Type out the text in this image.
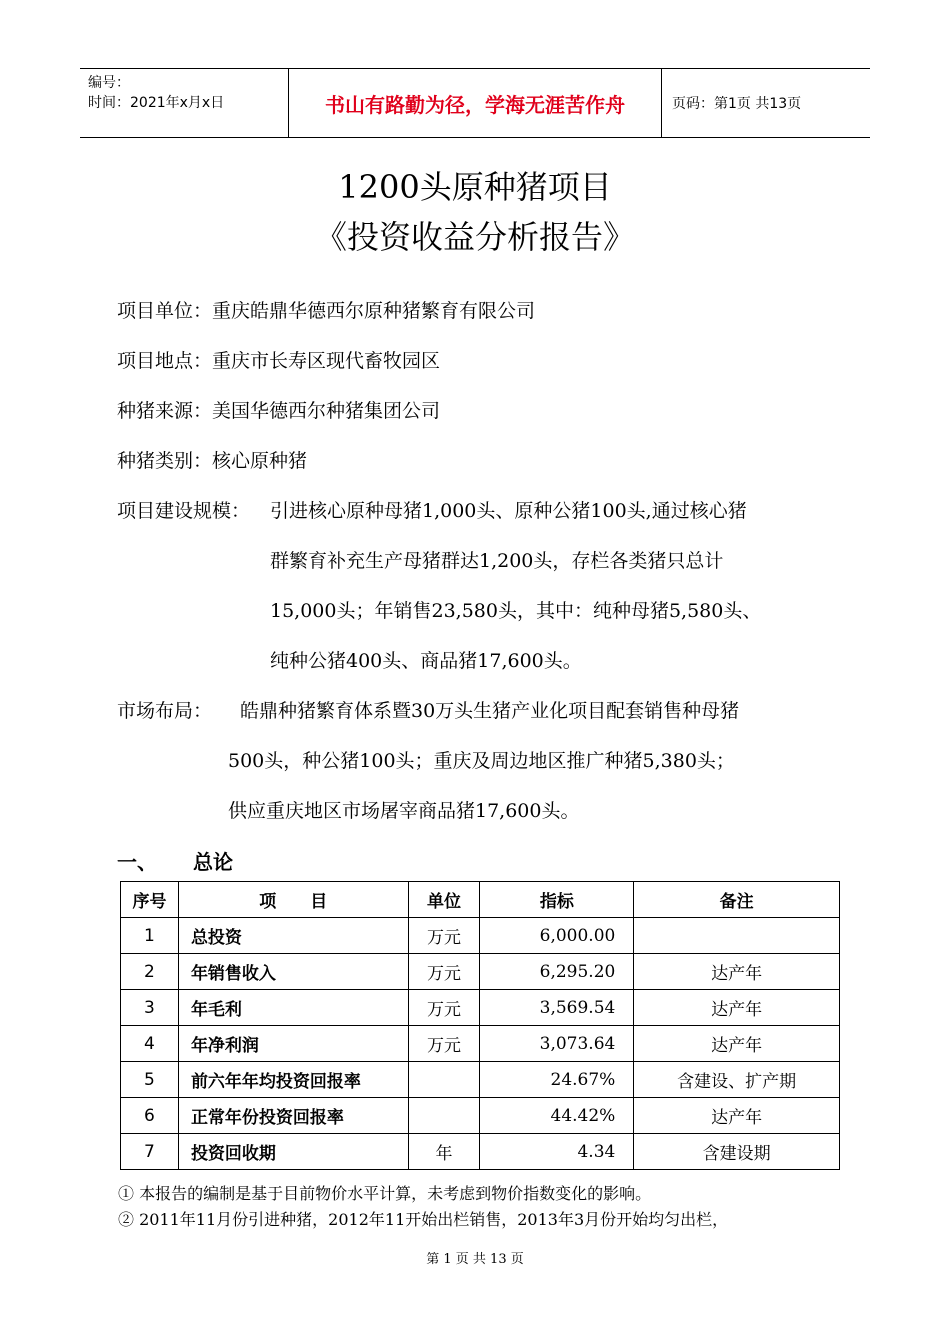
编号：
时间：2021年x月x日	书山有路勤为径，学海无涯苦作舟	页码：第1页 共13页
1200头原种猪项目
《投资收益分析报告》
项目单位：重庆皓鼎华德西尔原种猪繁育有限公司
项目地点：重庆市长寿区现代畜牧园区
种猪来源：美国华德西尔种猪集团公司
种猪类别：核心原种猪
项目建设规模： 引进核心原种母猪1,000头、原种公猪100头,通过核心猪
群繁育补充生产母猪群达1,200头，存栏各类猪只总计
15,000头；年销售23,580头，其中：纯种母猪5,580头、
纯种公猪400头、商品猪17,600头。
市场布局： 皓鼎种猪繁育体系暨30万头生猪产业化项目配套销售种母猪
500头，种公猪100头；重庆及周边地区推广种猪5,380头；
供应重庆地区市场屠宰商品猪17,600头。
一、 总论
序号	项　　目	单位	指标	备注
1	总投资	万元	6,000.00	
2	年销售收入	万元	6,295.20	达产年
3	年毛利	万元	3,569.54	达产年
4	年净利润	万元	3,073.64	达产年
5	前六年年均投资回报率		24.67%	含建设、扩产期
6	正常年份投资回报率		44.42%	达产年
7	投资回收期	年	4.34	含建设期
① 本报告的编制是基于目前物价水平计算，未考虑到物价指数变化的影响。
② 2011年11月份引进种猪，2012年11开始出栏销售，2013年3月份开始均匀出栏，
第 1 页 共 13 页
